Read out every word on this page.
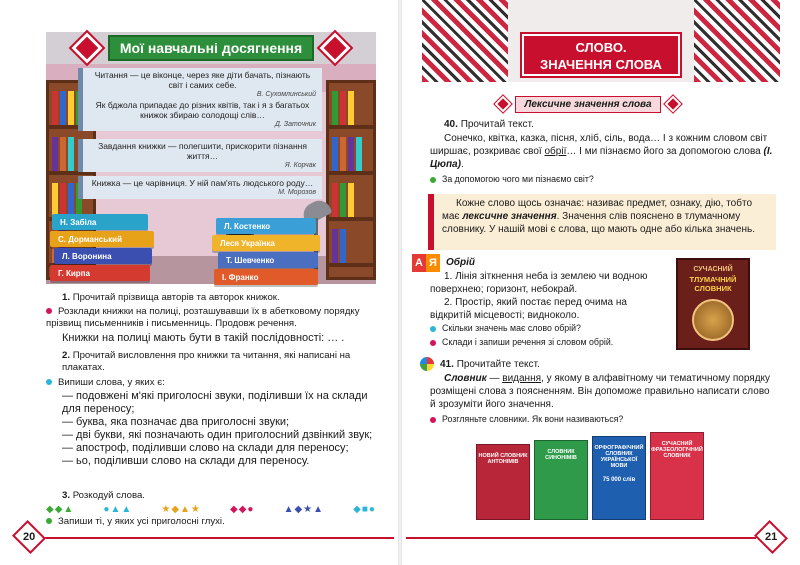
Мої навчальні досягнення
Читання — це віконце, через яке діти бачать, пізнають світ і самих себе.
В. Сухомлинський
Як бджола припадає до різних квітів, так і я з багатьох книжок збираю солодощі слів…
Д. Заточник
Завдання книжки — полегшити, прискорити пізнання життя…
Я. Корчак
Книжка — це чарівниця. У ній пам'ять людського роду…
М. Морозов
Н. Забіла
С. Дорманський
Л. Воронина
Г. Кирпа
Л. Костенко
Леся Українка
Т. Шевченко
І. Франко
1. Прочитай прізвища авторів та авторок книжок.
Розклади книжки на полиці, розташувавши їх в абетковому порядку прізвищ письменників і письменниць. Продовж речення.
Книжки на полиці мають бути в такій послідовності: … .
2. Прочитай висловлення про книжки та читання, які написані на плакатах.
Випиши слова, у яких є:
— подовжені м'які приголосні звуки, поділивши їх на склади для переносу;
— буква, яка позначає два приголосні звуки;
— дві букви, які позначають один приголосний дзвінкий звук;
— апостроф, поділивши слово на склади для переносу;
— ьо, поділивши слово на склади для переносу.
3. Розкодуй слова.
◆◆▲	●▲▲	★◆▲★	◆◆●	▲◆★▲	◆■●
Запиши ті, у яких усі приголосні глухі.
СЛОВО.
ЗНАЧЕННЯ СЛОВА
Лексичне значення слова
40. Прочитай текст.
Сонечко, квітка, казка, пісня, хліб, сіль, вода… І з кожним словом світ ширшає, розкриває свої обрії… І ми пізнаємо його за допомогою слова (І. Цюпа).
За допомогою чого ми пізнаємо світ?
Кожне слово щось означає: називає предмет, ознаку, дію, тобто має лексичне значення. Значення слів пояснено в тлумачному словнику. У нашій мові є слова, що мають одне або кілька значень.
А Я Обрій
1. Лінія зіткнення неба із землею чи водною поверхнею; горизонт, небокрай.
2. Простір, який постає перед очима на відкритій місцевості; видноколо.
Скільки значень має слово обрій?
Склади і запиши речення зі словом обрій.
СУЧАСНИЙ
ТЛУМАЧНИЙ СЛОВНИК
41. Прочитайте текст.
Словник — видання, у якому в алфавітному чи тематичному порядку розміщені слова з поясненням. Він допоможе правильно написати слово й зрозуміти його значення.
Розгляньте словники. Як вони називаються?
НОВИЙ СЛОВНИК АНТОНІМІВ
СЛОВНИК СИНОНІМІВ
ОРФОГРАФІЧНИЙ СЛОВНИК УКРАЇНСЬКОЇ МОВИ
75 000 слів
СУЧАСНИЙ ФРАЗЕОЛОГІЧНИЙ СЛОВНИК
20	21
